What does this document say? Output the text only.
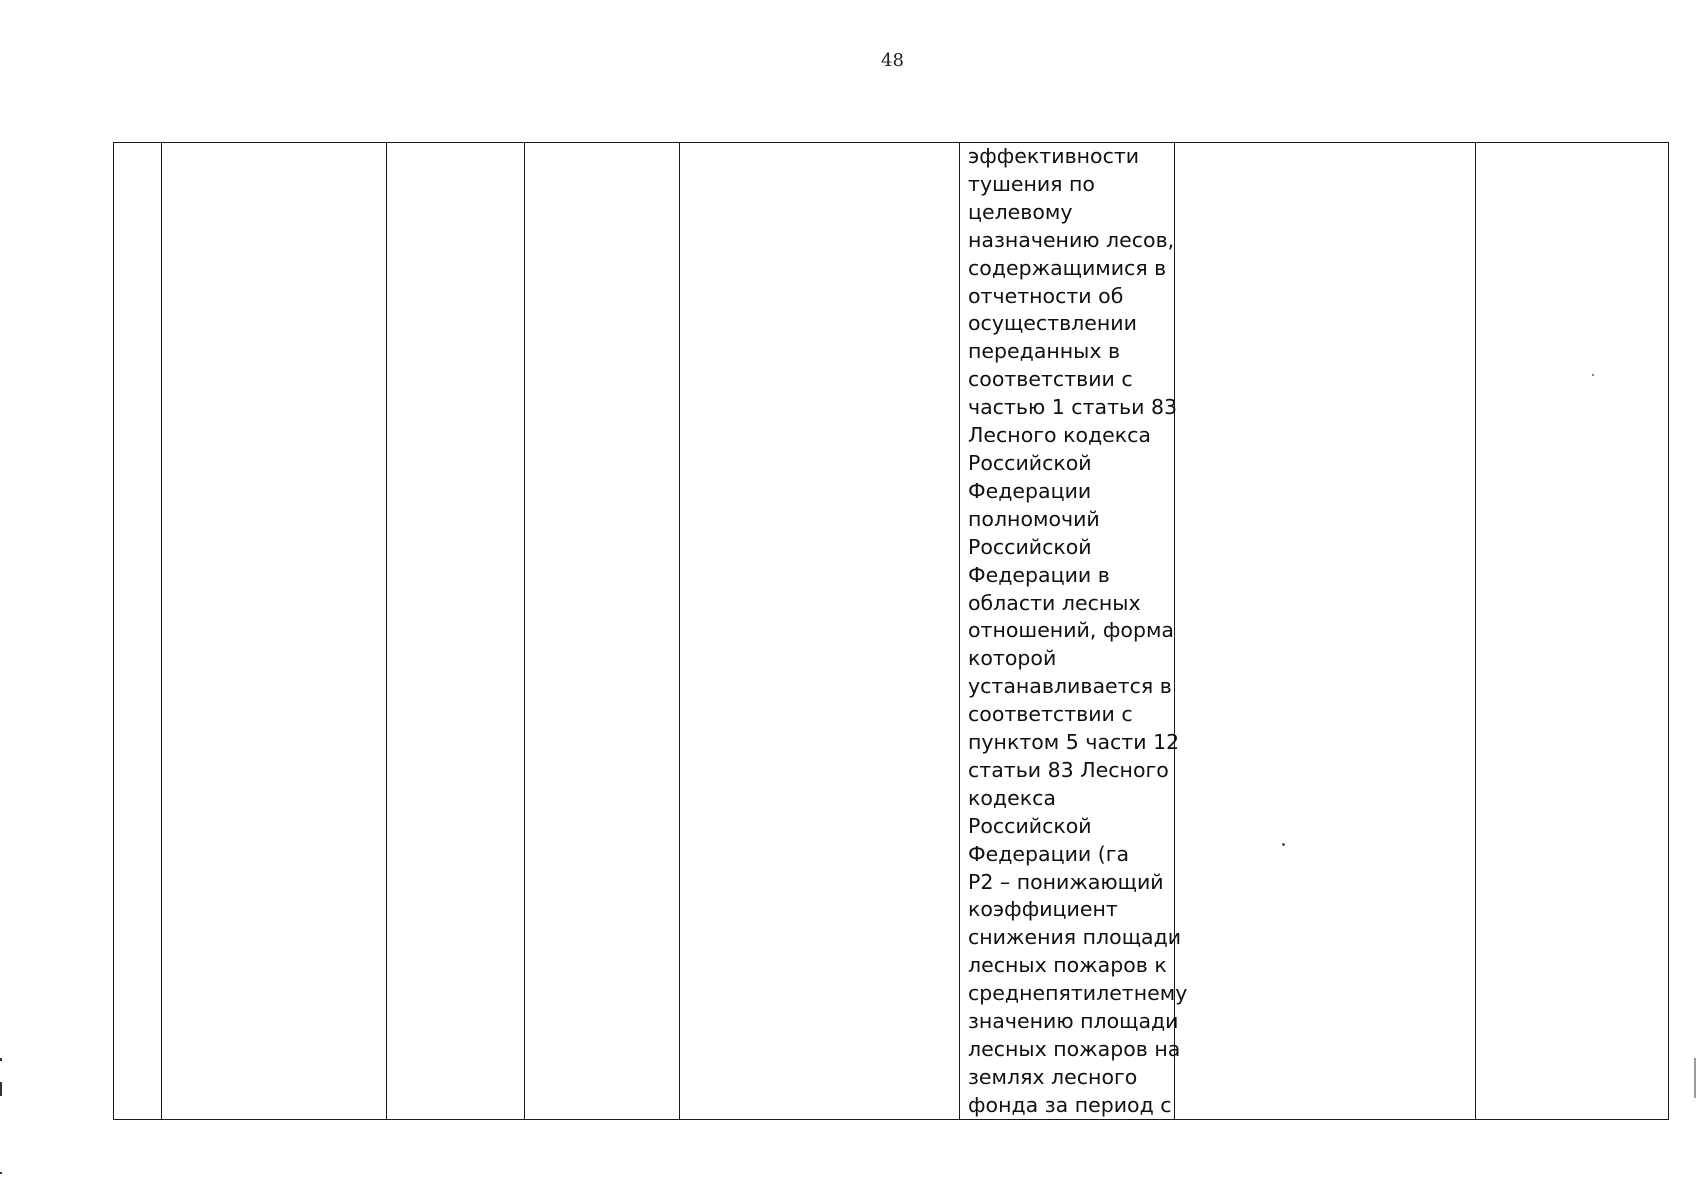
48
эффективности
тушения по
целевому
назначению лесов,
содержащимися в
отчетности об
осуществлении
переданных в
соответствии с
частью 1 статьи 83
Лесного кодекса
Российской
Федерации
полномочий
Российской
Федерации в
области лесных
отношений, форма
которой
устанавливается в
соответствии с
пунктом 5 части 12
статьи 83 Лесного
кодекса
Российской
Федерации (га
Р2 – понижающий
коэффициент
снижения площади
лесных пожаров к
среднепятилетнему
значению площади
лесных пожаров на
землях лесного
фонда за период с
